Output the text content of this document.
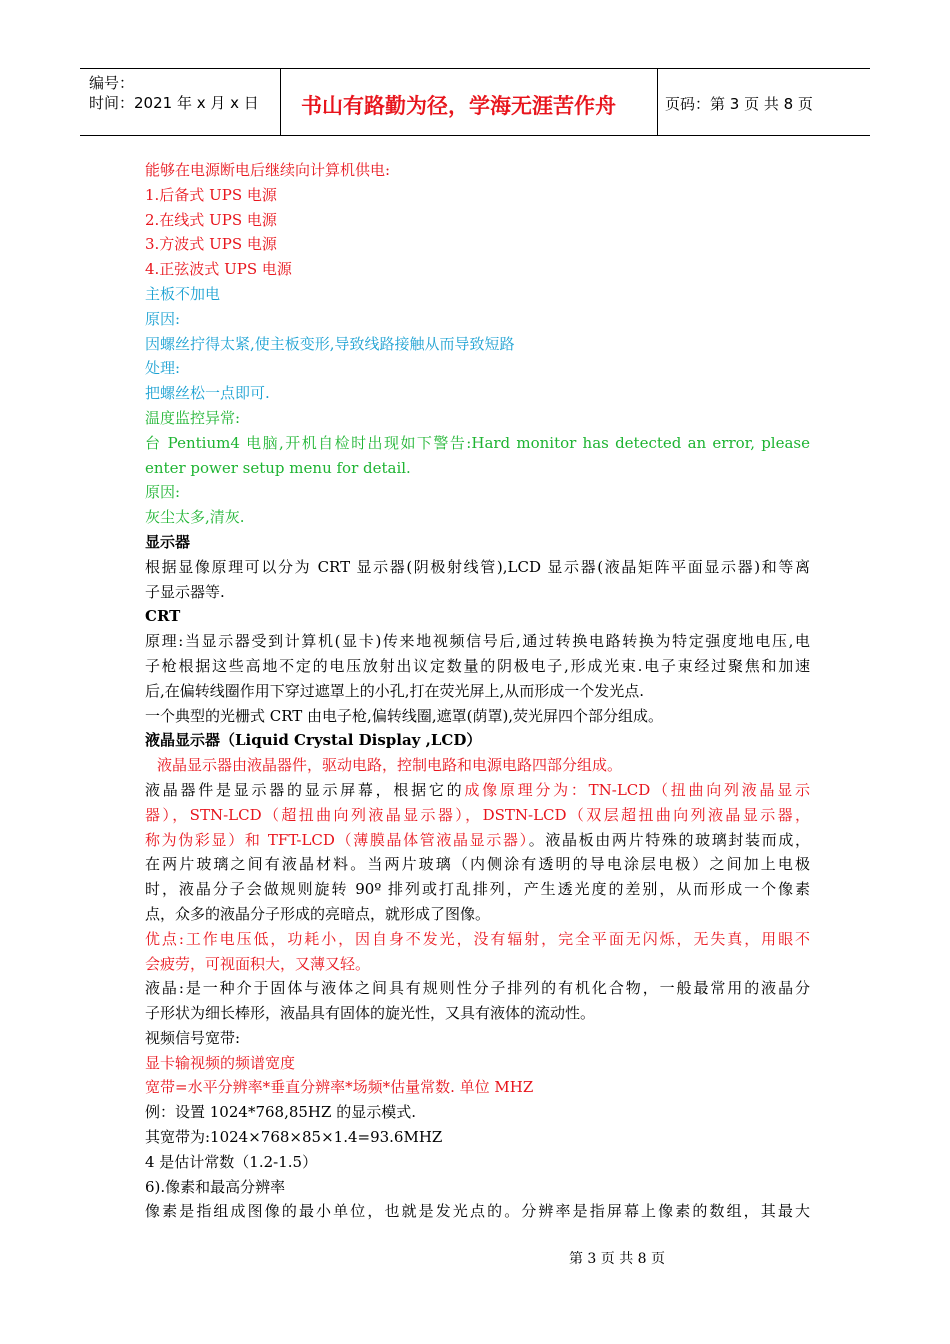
编号：
时间：2021 年 x 月 x 日 书山有路勤为径，学海无涯苦作舟	页码：第 3 页 共 8 页
能够在电源断电后继续向计算机供电:
1.后备式 UPS 电源
2.在线式 UPS 电源
3.方波式 UPS 电源
4.正弦波式 UPS 电源
主板不加电
原因:
因螺丝拧得太紧,使主板变形,导致线路接触从而导致短路
处理:
把螺丝松一点即可.
温度监控异常:
台 Pentium4 电脑,开机自检时出现如下警告:Hard monitor has detected an error, please
enter power setup menu for detail.
原因:
灰尘太多,清灰.
显示器
根据显像原理可以分为 CRT 显示器(阴极射线管),LCD 显示器(液晶矩阵平面显示器)和等离
子显示器等.
CRT
原理:当显示器受到计算机(显卡)传来地视频信号后,通过转换电路转换为特定强度地电压,电
子枪根据这些高地不定的电压放射出议定数量的阴极电子,形成光束.电子束经过聚焦和加速
后,在偏转线圈作用下穿过遮罩上的小孔,打在荧光屏上,从而形成一个发光点.
一个典型的光栅式 CRT 由电子枪,偏转线圈,遮罩(荫罩),荧光屏四个部分组成。
液晶显示器（Liquid Crystal Display ,LCD）
液晶显示器由液晶器件，驱动电路，控制电路和电源电路四部分组成。
液晶器件是显示器的显示屏幕，根据它的成像原理分为：TN-LCD（扭曲向列液晶显示
器），STN-LCD（超扭曲向列液晶显示器），DSTN-LCD（双层超扭曲向列液晶显示器，
称为伪彩显）和 TFT-LCD（薄膜晶体管液晶显示器）。液晶板由两片特殊的玻璃封装而成，
在两片玻璃之间有液晶材料。当两片玻璃（内侧涂有透明的导电涂层电极）之间加上电极
时，液晶分子会做规则旋转 90º 排列或打乱排列，产生透光度的差别，从而形成一个像素
点，众多的液晶分子形成的亮暗点，就形成了图像。
优点:工作电压低，功耗小，因自身不发光，没有辐射，完全平面无闪烁，无失真，用眼不
会疲劳，可视面积大，又薄又轻。
液晶:是一种介于固体与液体之间具有规则性分子排列的有机化合物，一般最常用的液晶分
子形状为细长棒形，液晶具有固体的旋光性，又具有液体的流动性。
视频信号宽带:
显卡输视频的频谱宽度
宽带=水平分辨率*垂直分辨率*场频*估量常数. 单位 MHZ
例：设置 1024*768,85HZ 的显示模式.
其宽带为:1024×768×85×1.4=93.6MHZ
4 是估计常数（1.2-1.5）
6).像素和最高分辨率
像素是指组成图像的最小单位，也就是发光点的。分辨率是指屏幕上像素的数组，其最大
第 3 页 共 8 页
